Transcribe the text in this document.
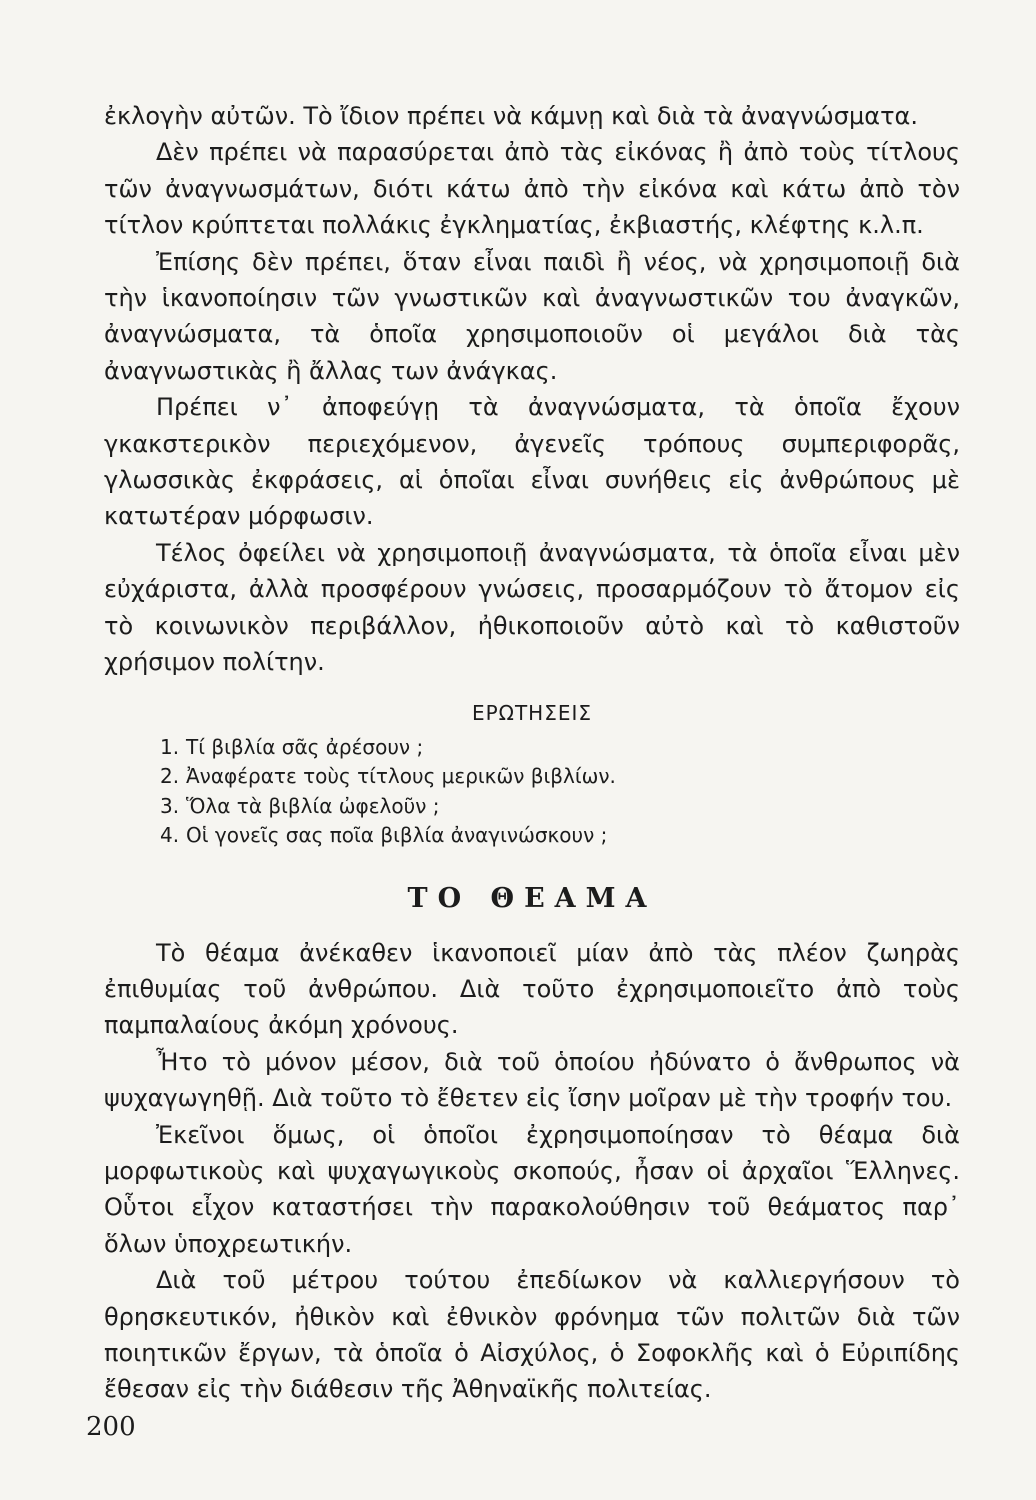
ἐκλογὴν αὐτῶν. Τὸ ἴδιον πρέπει νὰ κάμνῃ καὶ διὰ τὰ ἀναγνώσματα.

Δὲν πρέπει νὰ παρασύρεται ἀπὸ τὰς εἰκόνας ἢ ἀπὸ τοὺς τίτλους τῶν ἀναγνωσμάτων, διότι κάτω ἀπὸ τὴν εἰκόνα καὶ κάτω ἀπὸ τὸν τίτλον κρύπτεται πολλάκις ἐγκληματίας, ἐκβιαστής, κλέφτης κ.λ.π.

Ἐπίσης δὲν πρέπει, ὅταν εἶναι παιδὶ ἢ νέος, νὰ χρησιμοποιῇ διὰ τὴν ἱκανοποίησιν τῶν γνωστικῶν καὶ ἀναγνωστικῶν του ἀναγκῶν, ἀναγνώσματα, τὰ ὁποῖα χρησιμοποιοῦν οἱ μεγάλοι διὰ τὰς ἀναγνωστικὰς ἢ ἄλλας των ἀνάγκας.

Πρέπει ν᾿ ἀποφεύγῃ τὰ ἀναγνώσματα, τὰ ὁποῖα ἔχουν γκακστερικὸν περιεχόμενον, ἀγενεῖς τρόπους συμπεριφορᾶς, γλωσσικὰς ἐκφράσεις, αἱ ὁποῖαι εἶναι συνήθεις εἰς ἀνθρώπους μὲ κατωτέραν μόρφωσιν.

Τέλος ὀφείλει νὰ χρησιμοποιῇ ἀναγνώσματα, τὰ ὁποῖα εἶναι μὲν εὐχάριστα, ἀλλὰ προσφέρουν γνώσεις, προσαρμόζουν τὸ ἄτομον εἰς τὸ κοινωνικὸν περιβάλλον, ἠθικοποιοῦν αὐτὸ καὶ τὸ καθιστοῦν χρήσιμον πολίτην.

ΕΡΩΤΗΣΕΙΣ
1. Τί βιβλία σᾶς ἀρέσουν ;
2. Ἀναφέρατε τοὺς τίτλους μερικῶν βιβλίων.
3. Ὅλα τὰ βιβλία ὠφελοῦν ;
4. Οἱ γονεῖς σας ποῖα βιβλία ἀναγινώσκουν ;
ΤΟ ΘΕΑΜΑ

Τὸ θέαμα ἀνέκαθεν ἱκανοποιεῖ μίαν ἀπὸ τὰς πλέον ζωηρὰς ἐπιθυμίας τοῦ ἀνθρώπου. Διὰ τοῦτο ἐχρησιμοποιεῖτο ἀπὸ τοὺς παμπαλαίους ἀκόμη χρόνους.

Ἦτο τὸ μόνον μέσον, διὰ τοῦ ὁποίου ἠδύνατο ὁ ἄνθρωπος νὰ ψυχαγωγηθῇ. Διὰ τοῦτο τὸ ἔθετεν εἰς ἴσην μοῖραν μὲ τὴν τροφήν του.

Ἐκεῖνοι ὅμως, οἱ ὁποῖοι ἐχρησιμοποίησαν τὸ θέαμα διὰ μορφωτικοὺς καὶ ψυχαγωγικοὺς σκοπούς, ἦσαν οἱ ἀρχαῖοι Ἕλληνες. Οὗτοι εἶχον καταστήσει τὴν παρακολούθησιν τοῦ θεάματος παρ᾿ ὅλων ὑποχρεωτικήν.

Διὰ τοῦ μέτρου τούτου ἐπεδίωκον νὰ καλλιεργήσουν τὸ θρησκευτικόν, ἠθικὸν καὶ ἐθνικὸν φρόνημα τῶν πολιτῶν διὰ τῶν ποιητικῶν ἔργων, τὰ ὁποῖα ὁ Αἰσχύλος, ὁ Σοφοκλῆς καὶ ὁ Εὐριπίδης ἔθεσαν εἰς τὴν διάθεσιν τῆς Ἀθηναϊκῆς πολιτείας.

200
